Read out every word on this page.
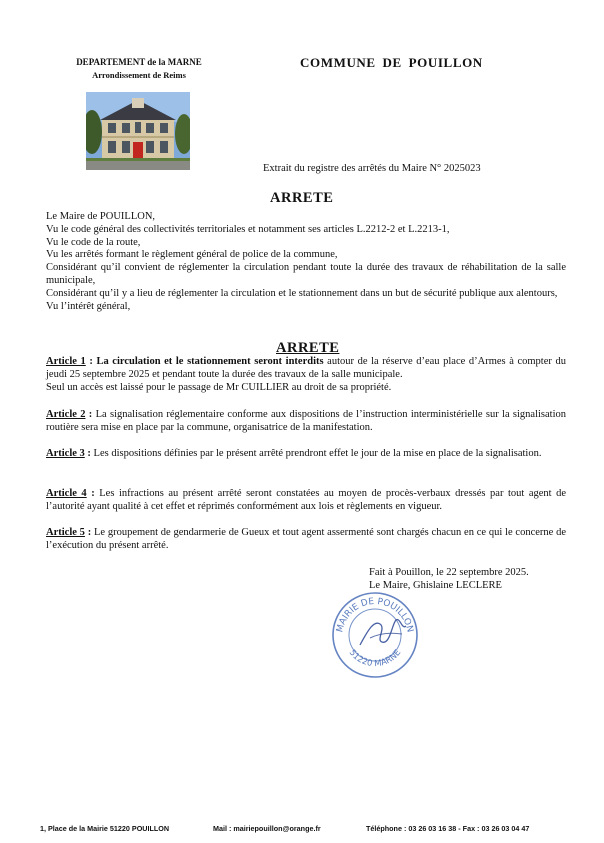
DEPARTEMENT de la MARNE
Arrondissement de Reims
COMMUNE DE POUILLON
Extrait du registre des arrêtés du Maire N° 2025023
ARRETE

Le Maire de POUILLON,

Vu le code général des collectivités territoriales et notamment ses articles L.2212-2 et L.2213-1,

Vu le code de la route,

Vu les arrêtés formant le règlement général de police de la commune,

Considérant qu’il convient de réglementer la circulation pendant toute la durée des travaux de réhabilitation de la salle municipale,

Considérant qu’il y a lieu de réglementer la circulation et le stationnement dans un but de sécurité publique aux alentours,

Vu l’intérêt général,

ARRETE

Article 1 : La circulation et le stationnement seront interdits autour de la réserve d’eau place d’Armes à compter du jeudi 25 septembre 2025 et pendant toute la durée des travaux de la salle municipale.
Seul un accès est laissé pour le passage de Mr CUILLIER au droit de sa propriété.

Article 2 : La signalisation réglementaire conforme aux dispositions de l’instruction interministérielle sur la signalisation routière sera mise en place par la commune, organisatrice de la manifestation.

Article 3 : Les dispositions définies par le présent arrêté prendront effet le jour de la mise en place de la signalisation.

Article 4 : Les infractions au présent arrêté seront constatées au moyen de procès-verbaux dressés par tout agent de l’autorité ayant qualité à cet effet et réprimés conformément aux lois et règlements en vigueur.

Article 5 : Le groupement de gendarmerie de Gueux et tout agent assermenté sont chargés chacun en ce qui le concerne de l’exécution du présent arrêté.

Fait à Pouillon, le 22 septembre 2025.
Le Maire, Ghislaine LECLERE
MAIRIE DE POUILLON
51220 MARNE
1, Place de la Mairie 51220 POUILLON	Mail : mairiepouillon@orange.fr	Téléphone : 03 26 03 16 38 - Fax : 03 26 03 04 47
